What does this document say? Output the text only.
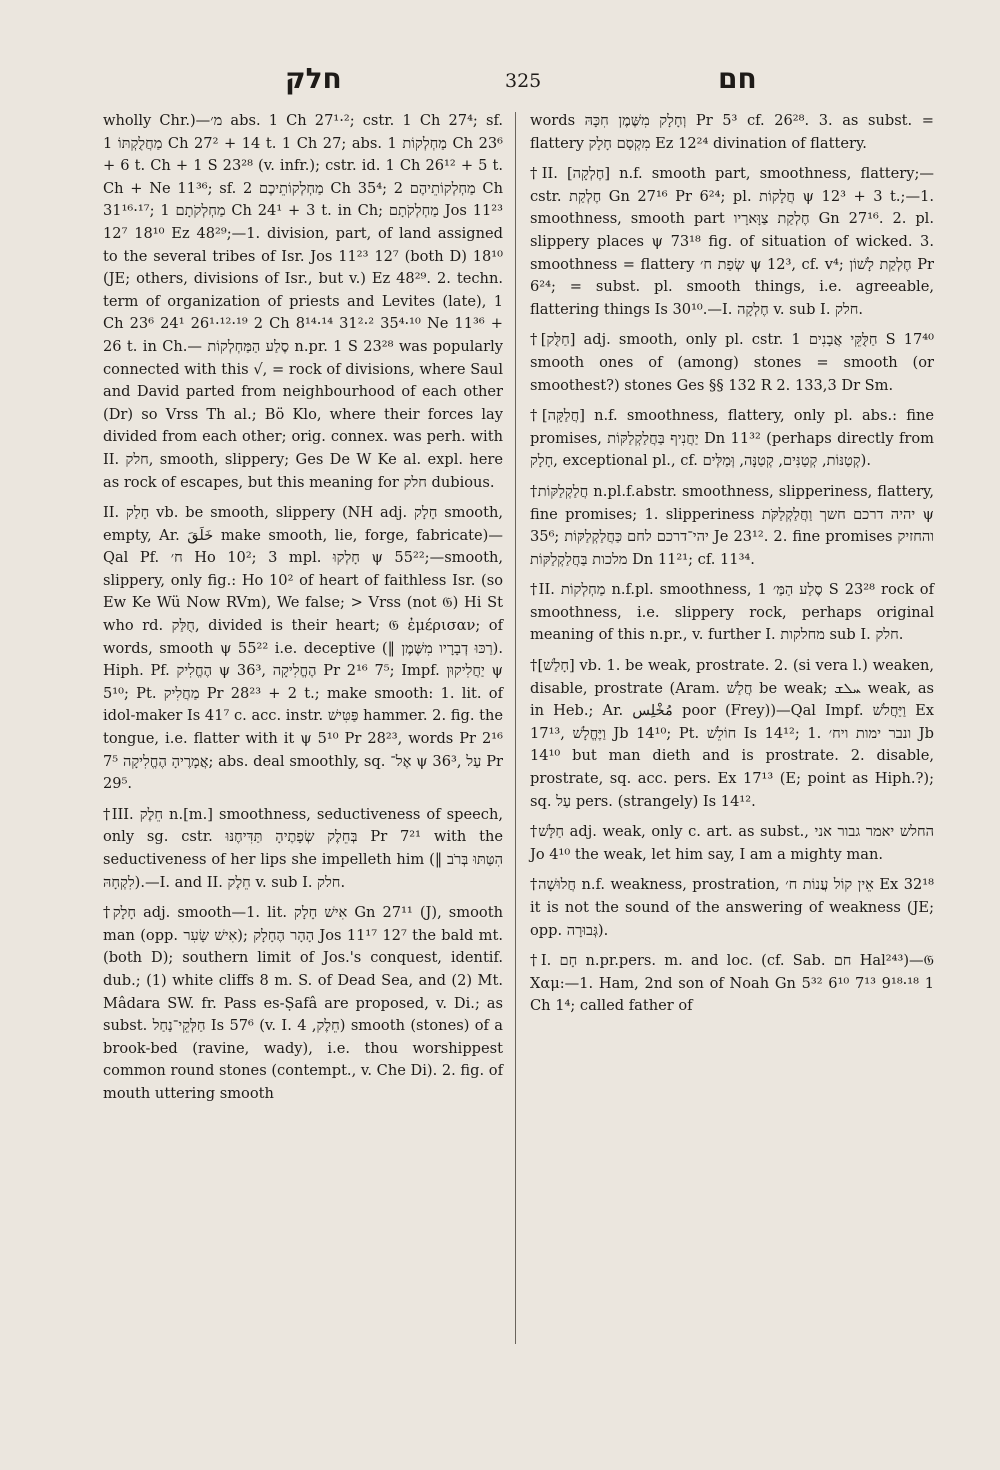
חלק	325	חם

wholly Chr.)—מ׳ abs. 1 Ch 27¹·²; cstr. 1 Ch 27⁴; sf. מַחֲלֻקְתּוֹ 1 Ch 27² + 14 t. 1 Ch 27; abs. מַחְלְקוֹת 1 Ch 23⁶ + 6 t. Ch + 1 S 23²⁸ (v. infr.); cstr. id. 1 Ch 26¹² + 5 t. Ch + Ne 11³⁶; sf. מַחְלְקוֹתֵיכֶם 2 Ch 35⁴; מַחְלְקוֹתֵיהֶם 2 Ch 31¹⁶·¹⁷; מַחְלְקֹתָם 1 Ch 24¹ + 3 t. in Ch; מַחְלְקֹתָם Jos 11²³ 12⁷ 18¹⁰ Ez 48²⁹;—1. division, part, of land assigned to the several tribes of Isr. Jos 11²³ 12⁷ (both D) 18¹⁰ (JE; others, divisions of Isr., but v.) Ez 48²⁹. 2. techn. term of organization of priests and Levites (late), 1 Ch 23⁶ 24¹ 26¹·¹²·¹⁹ 2 Ch 8¹⁴·¹⁴ 31²·² 35⁴·¹⁰ Ne 11³⁶ + 26 t. in Ch.— סֶלַע הַמַּחְלְקוֹת n.pr. 1 S 23²⁸ was popularly connected with this √, = rock of divisions, where Saul and David parted from neighbourhood of each other (Dr) so Vrss Th al.; Bö Klo, where their forces lay divided from each other; orig. connex. was perh. with II. חלק, smooth, slippery; Ges De W Ke al. expl. here as rock of escapes, but this meaning for חלק dubious.

II. חָלַק vb. be smooth, slippery (NH adj. חָלָק smooth, empty, Ar. خَلَقَ make smooth, lie, forge, fabricate)—Qal Pf. ח׳ Ho 10²; 3 mpl. חָלְקוּ ψ 55²²;—smooth, slippery, only fig.: Ho 10² of heart of faithless Isr. (so Ew Ke Wü Now RVm), We false; > Vrss (not 𝔊) Hi St who rd. חֻלַּק, divided is their heart; 𝔊 ἐμέρισαν; of words, smooth ψ 55²² i.e. deceptive (‖ רַכּוּ דְבָרָיו מִשֶּׁמֶן). Hiph. Pf. הֶחֱלִיק ψ 36³, הֶחֱלִיקָה Pr 2¹⁶ 7⁵; Impf. יַחֲלִיקוּן ψ 5¹⁰; Pt. מַחֲלִיק Pr 28²³ + 2 t.; make smooth: 1. lit. of idol-maker Is 41⁷ c. acc. instr. פַּטִּישׁ hammer. 2. fig. the tongue, i.e. flatter with it ψ 5¹⁰ Pr 28²³, words Pr 2¹⁶ 7⁵ אֲמָרֶיהָ הֶחֱלִיקָה; abs. deal smoothly, sq. אֶל־ ψ 36³, עַל Pr 29⁵.

†III. חֵלֶק n.[m.] smoothness, seductiveness of speech, only sg. cstr. בְּחֵלֶק שְׂפָתֶיהָ תַּדִּיחֶנּוּ Pr 7²¹ with the seductiveness of her lips she impelleth him (‖ הִטַּתּוּ בְּרֹב לִקְחָהּ).—I. and II. חֵלֶק v. sub I. חלק.

†חָלָק adj. smooth—1. lit. אִישׁ חָלָק Gn 27¹¹ (J), smooth man (opp. אִישׁ שָׂעִר); הָהָר הֶחָלָק Jos 11¹⁷ 12⁷ the bald mt. (both D); southern limit of Jos.'s conquest, identif. dub.; (1) white cliffs 8 m. S. of Dead Sea, and (2) Mt. Mâdara SW. fr. Pass es-Ṣafâ are proposed, v. Di.; as subst. חַלְּקֵי־נַחַל Is 57⁶ (v. I. חֵלֶק, 4) smooth (stones) of a brook-bed (ravine, wady), i.e. thou worshippest common round stones (contempt., v. Che Di). 2. fig. of mouth uttering smooth

words וְחָלָק מִשֶּׁמֶן חִכָּהּ Pr 5³ cf. 26²⁸. 3. as subst. = flattery מִקְסַם חָלָק Ez 12²⁴ divination of flattery.

†II. [חֶלְקָה] n.f. smooth part, smoothness, flattery;—cstr. חֶלְקַת Gn 27¹⁶ Pr 6²⁴; pl. חֲלָקוֹת ψ 12³ + 3 t.;—1. smoothness, smooth part חֶלְקַת צַוָּארָיו Gn 27¹⁶. 2. pl. slippery places ψ 73¹⁸ fig. of situation of wicked. 3. smoothness = flattery שְׂפַת ח׳ ψ 12³, cf. v⁴; חֶלְקַת לָשׁוֹן Pr 6²⁴; = subst. pl. smooth things, i.e. agreeable, flattering things Is 30¹⁰.—I. חֶלְקָה v. sub I. חלק.

†[חַלֻּק] adj. smooth, only pl. cstr. חַלֻּקֵּי אֲבָנִים 1 S 17⁴⁰ smooth ones of (among) stones = smooth (or smoothest?) stones Ges §§ 132 R 2. 133,3 Dr Sm.

†[חֲלַקָּה] n.f. smoothness, flattery, only pl. abs.: fine promises, יַחֲנִיף בַּחֲלַקְלַקּוֹת Dn 11³² (perhaps directly from חָלָק, exceptional pl., cf. קְטַנּוֹת, קְטַנִּים, קְטַנָּה, וְּמַלְּים).

†חֲלַקְלַקּוֹת n.pl.f.abstr. smoothness, slipperiness, flattery, fine promises; 1. slipperiness יהיה דרכם חשך וַחֲלַקְלַקֹּת ψ 35⁶; יהי־דרכם לחם כַּחֲלַקְלַקּוֹת Je 23¹². 2. fine promises והחזיק מלכות בַּחֲלַקְלַקּוֹת Dn 11²¹; cf. 11³⁴.

†II. מַחְלְקוֹת n.f.pl. smoothness, סֶלַע הַמַּ׳ 1 S 23²⁸ rock of smoothness, i.e. slippery rock, perhaps original meaning of this n.pr., v. further I. מחלקות sub I. חלק.

†[חָלַשׁ] vb. 1. be weak, prostrate. 2. (si vera l.) weaken, disable, prostrate (Aram. חֲלַשׁ be weak; ܚܠܫ weak, as in Heb.; Ar. مُخْلِس poor (Frey))—Qal Impf. וַיַּחֲלֹשׁ Ex 17¹³, וַיֶּחֱלָשׁ Jb 14¹⁰; Pt. חוֹלֵשׁ Is 14¹²; 1. ונבר ימות ויח׳ Jb 14¹⁰ but man dieth and is prostrate. 2. disable, prostrate, sq. acc. pers. Ex 17¹³ (E; point as Hiph.?); sq. עַל pers. (strangely) Is 14¹².

†חַלָּשׁ adj. weak, only c. art. as subst., החלש יאמר גבור אני Jo 4¹⁰ the weak, let him say, I am a mighty man.

†חֲלוּשָׁה n.f. weakness, prostration, אֵין קוֹל עֲנוֹת ח׳ Ex 32¹⁸ it is not the sound of the answering of weakness (JE; opp. גְּבוּרָה).

†I. חָם n.pr.pers. m. and loc. (cf. Sab. חם Hal²⁴³)—𝔊 Χαμ:—1. Ham, 2nd son of Noah Gn 5³² 6¹⁰ 7¹³ 9¹⁸·¹⁸ 1 Ch 1⁴; called father of
